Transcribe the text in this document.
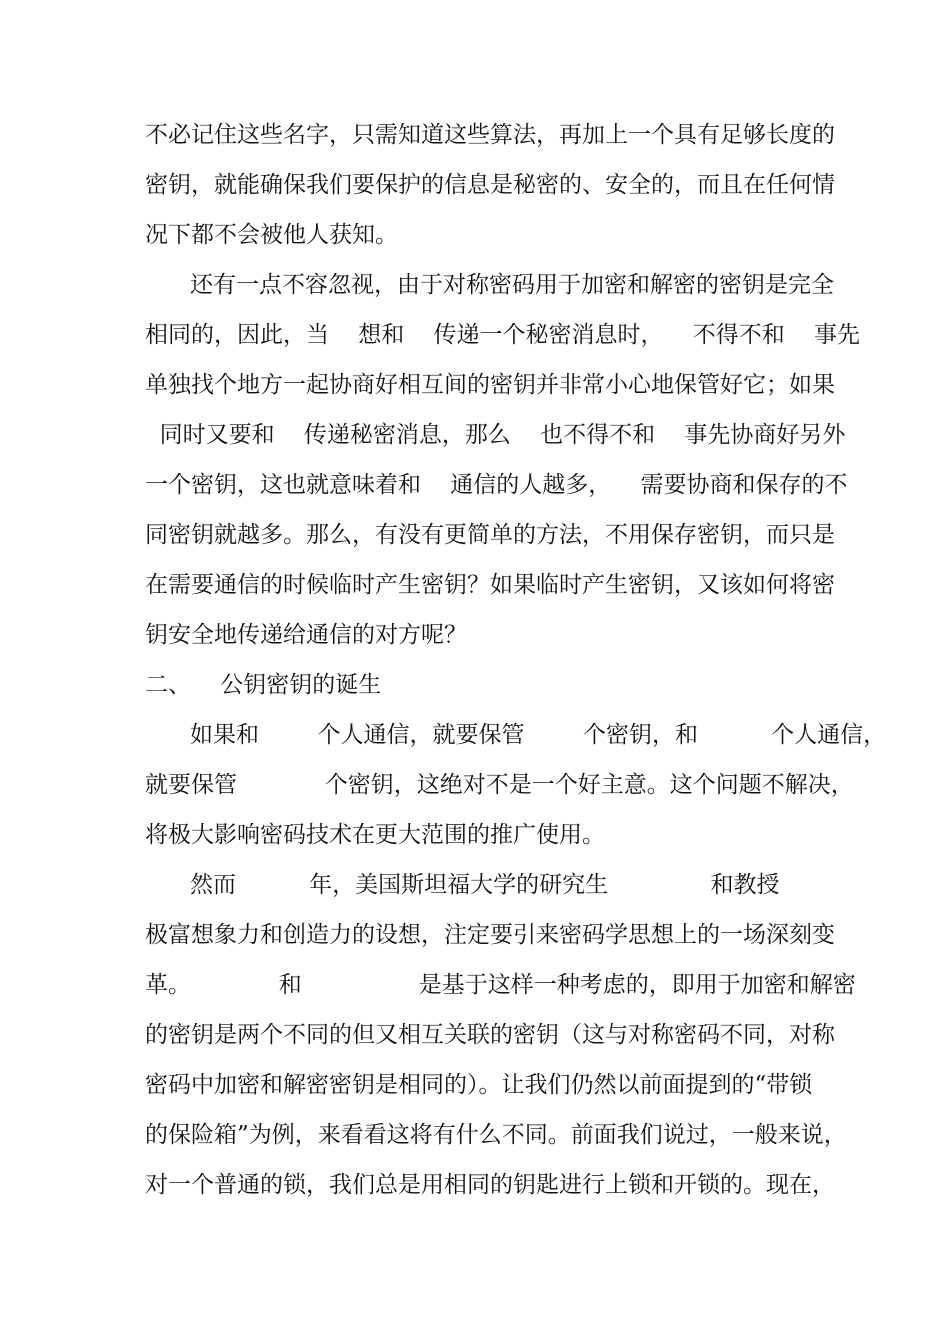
不必记住这些名字，只需知道这些算法，再加上一个具有足够长度的
密钥，就能确保我们要保护的信息是秘密的、安全的，而且在任何情
况下都不会被他人获知。
还有一点不容忽视，由于对称密码用于加密和解密的密钥是完全
相同的，因此，当    想和    传递一个秘密消息时，    不得不和    事先
单独找个地方一起协商好相互间的密钥并非常小心地保管好它；如果
同时又要和    传递秘密消息，那么    也不得不和    事先协商好另外
一个密钥，这也就意味着和    通信的人越多，    需要协商和保存的不
同密钥就越多。那么，有没有更简单的方法，不用保存密钥，而只是
在需要通信的时候临时产生密钥？如果临时产生密钥，又该如何将密
钥安全地传递给通信的对方呢？
二、    公钥密钥的诞生
如果和        个人通信，就要保管        个密钥，和          个人通信，
就要保管            个密钥，这绝对不是一个好主意。这个问题不解决，
将极大影响密码技术在更大范围的推广使用。
然而          年，美国斯坦福大学的研究生              和教授
极富想象力和创造力的设想，注定要引来密码学思想上的一场深刻变
革。            和                是基于这样一种考虑的，即用于加密和解密
的密钥是两个不同的但又相互关联的密钥（这与对称密码不同，对称
密码中加密和解密密钥是相同的）。让我们仍然以前面提到的“带锁
的保险箱”为例，来看看这将有什么不同。前面我们说过，一般来说，
对一个普通的锁，我们总是用相同的钥匙进行上锁和开锁的。现在，
